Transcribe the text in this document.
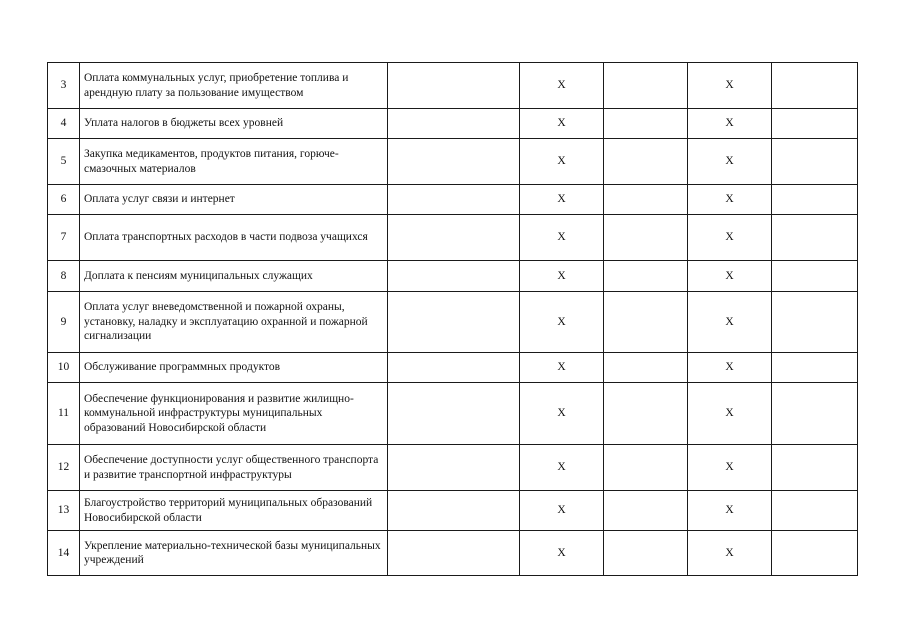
3	Оплата коммунальных услуг, приобретение топлива и арендную плату за пользование имуществом		X		X	
4	Уплата налогов в бюджеты всех уровней		X		X	
5	Закупка медикаментов, продуктов питания, горюче-смазочных материалов		X		X	
6	Оплата услуг связи и интернет		X		X	
7	Оплата транспортных расходов в части подвоза учащихся		X		X	
8	Доплата к пенсиям муниципальных служащих		X		X	
9	Оплата услуг вневедомственной и пожарной охраны, установку, наладку и эксплуатацию охранной и пожарной сигнализации		X		X	
10	Обслуживание программных продуктов		X		X	
11	Обеспечение функционирования и развитие жилищно-коммунальной инфраструктуры муниципальных образований Новосибирской области		X		X	
12	Обеспечение доступности услуг общественного транспорта и развитие транспортной инфраструктуры		X		X	
13	Благоустройство территорий муниципальных образований Новосибирской области		X		X	
14	Укрепление материально-технической базы муниципальных учреждений		X		X	
